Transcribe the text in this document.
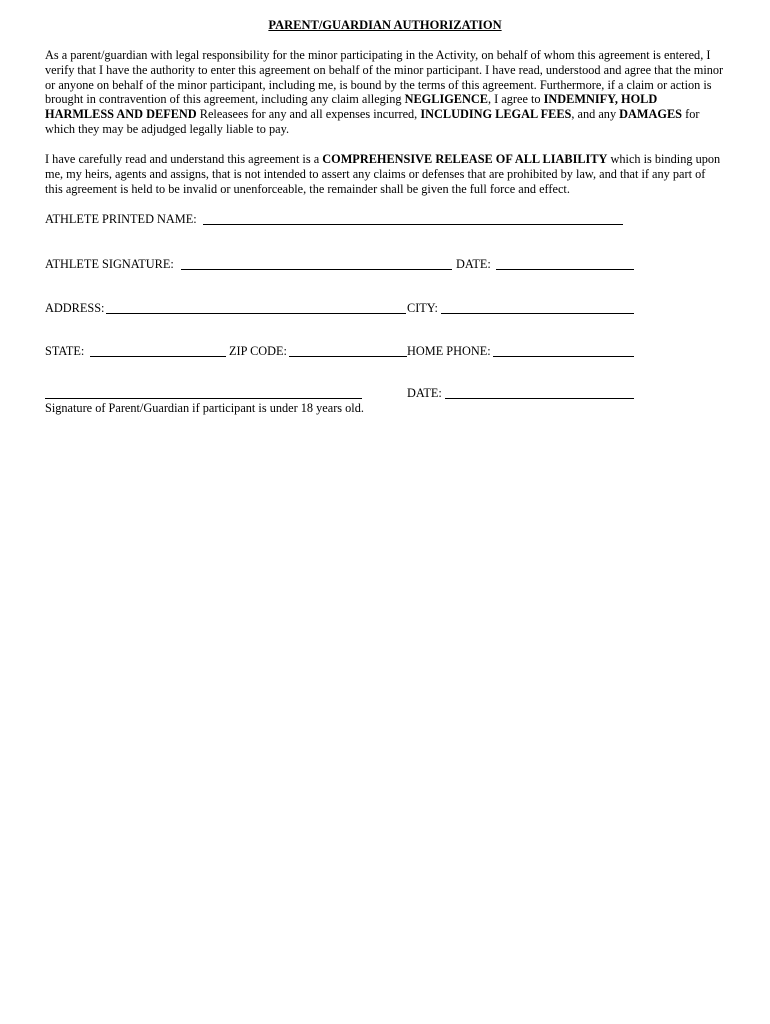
PARENT/GUARDIAN AUTHORIZATION

As a parent/guardian with legal responsibility for the minor participating in the Activity, on behalf of whom this agreement is entered, I verify that I have the authority to enter this agreement on behalf of the minor participant. I have read, understood and agree that the minor or anyone on behalf of the minor participant, including me, is bound by the terms of this agreement. Furthermore, if a claim or action is brought in contravention of this agreement, including any claim alleging NEGLIGENCE, I agree to INDEMNIFY, HOLD HARMLESS AND DEFEND Releasees for any and all expenses incurred, INCLUDING LEGAL FEES, and any DAMAGES for which they may be adjudged legally liable to pay.

I have carefully read and understand this agreement is a COMPREHENSIVE RELEASE OF ALL LIABILITY which is binding upon me, my heirs, agents and assigns, that is not intended to assert any claims or defenses that are prohibited by law, and that if any part of this agreement is held to be invalid or unenforceable, the remainder shall be given the full force and effect.

ATHLETE PRINTED NAME:
ATHLETE SIGNATURE:	DATE:
ADDRESS:	CITY:
STATE:	ZIP CODE:	HOME PHONE:
DATE:
Signature of Parent/Guardian if participant is under 18 years old.
